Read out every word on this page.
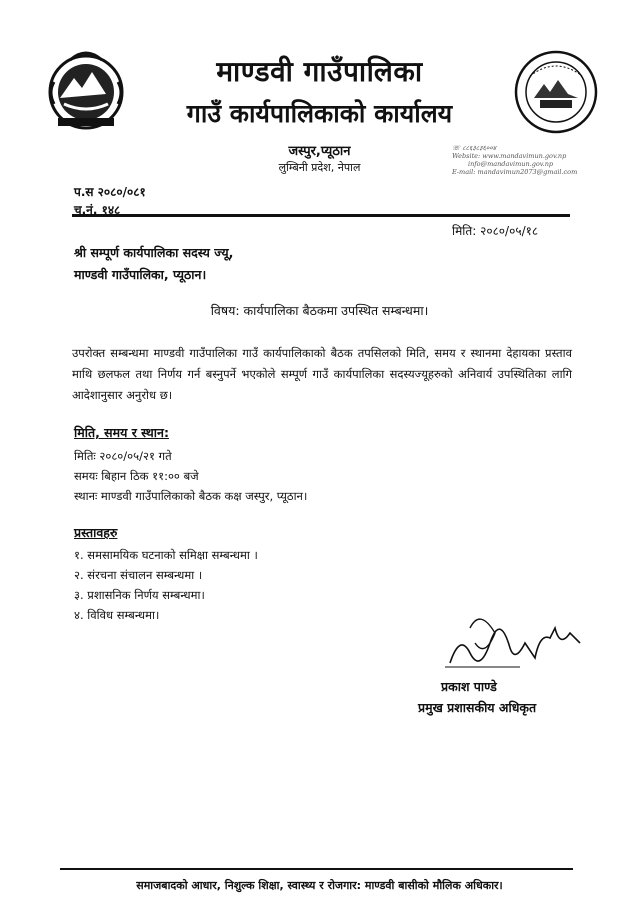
माण्डवी गाउँपालिका
गाउँ कार्यपालिकाको कार्यालय
जस्पुर,प्यूठान
लुम्बिनी प्रदेश, नेपाल
☏ ८८६३८३६००४
Website: www.mandavimun.gov.np
info@mandavimun.gov.np
E-mail: mandavimun2073@gmail.com
प.स २०८०/०८१
च.नं. १४८
मिति: २०८०/०५/१८
श्री सम्पूर्ण कार्यपालिका सदस्य ज्यू,
माण्डवी गाउँपालिका, प्यूठान।
विषय: कार्यपालिका बैठकमा उपस्थित सम्बन्धमा।
उपरोक्त सम्बन्धमा माण्डवी गाउँपालिका गाउँ कार्यपालिकाको बैठक तपसिलको मिति, समय र स्थानमा देहायका प्रस्ताव माथि छलफल तथा निर्णय गर्न बस्नुपर्ने भएकोले सम्पूर्ण गाउँ कार्यपालिका सदस्यज्यूहरुको अनिवार्य उपस्थितिका लागि आदेशानुसार अनुरोध छ।
मिति, समय र स्थान:
मितिः २०८०/०५/२१ गते
समयः बिहान ठिक ११:०० बजे
स्थानः माण्डवी गाउँपालिकाको बैठक कक्ष जस्पुर, प्यूठान।
प्रस्तावहरु
१. समसामयिक घटनाको समिक्षा सम्बन्धमा ।
२. संरचना संचालन सम्बन्धमा ।
३. प्रशासनिक निर्णय सम्बन्धमा।
४. विविध सम्बन्धमा।
प्रकाश पाण्डे
प्रमुख प्रशासकीय अधिकृत
समाजबादको आधार, निशुल्क शिक्षा, स्वास्थ्य र रोजगार: माण्डवी बासीको मौलिक अधिकार।
